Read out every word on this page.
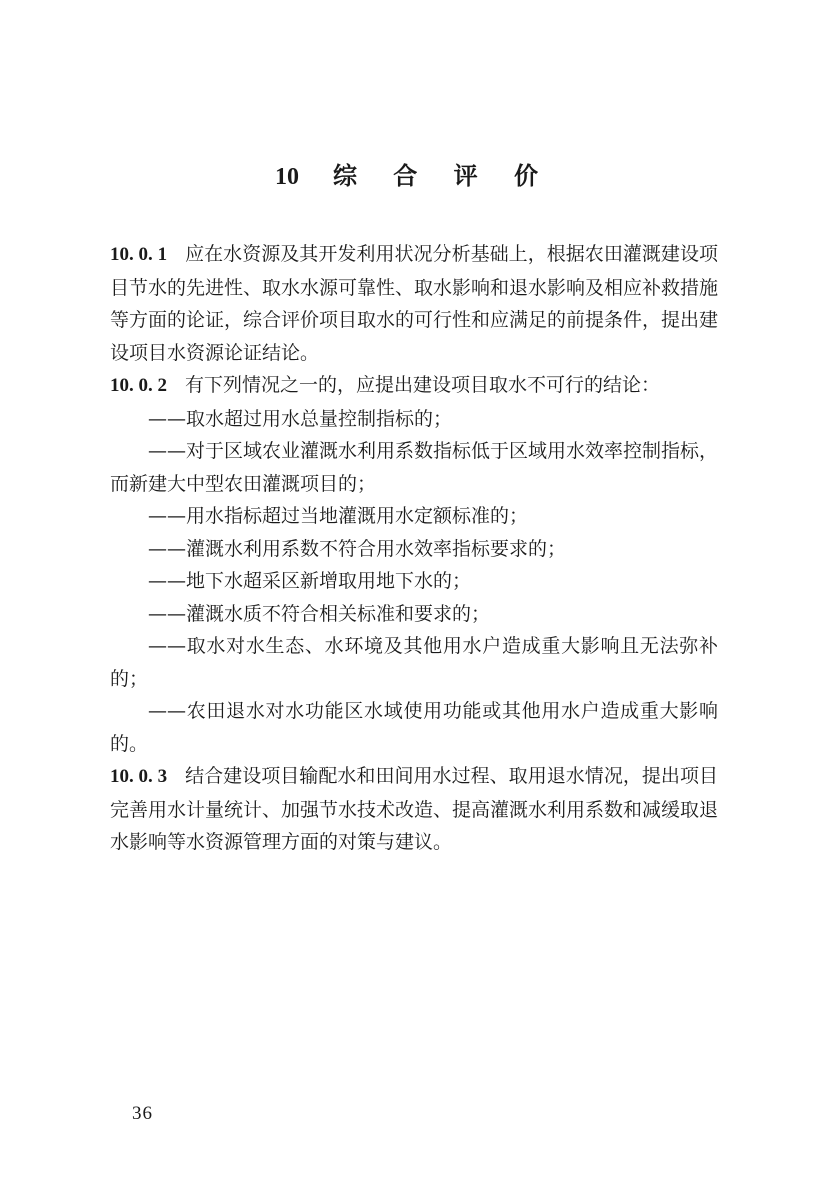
10 综 合 评 价

10. 0. 1 应在水资源及其开发利用状况分析基础上，根据农田灌溉建设项目节水的先进性、取水水源可靠性、取水影响和退水影响及相应补救措施等方面的论证，综合评价项目取水的可行性和应满足的前提条件，提出建设项目水资源论证结论。

10. 0. 2 有下列情况之一的，应提出建设项目取水不可行的结论：

——取水超过用水总量控制指标的；

——对于区域农业灌溉水利用系数指标低于区域用水效率控制指标，而新建大中型农田灌溉项目的；

——用水指标超过当地灌溉用水定额标准的；

——灌溉水利用系数不符合用水效率指标要求的；

——地下水超采区新增取用地下水的；

——灌溉水质不符合相关标准和要求的；

——取水对水生态、水环境及其他用水户造成重大影响且无法弥补的；

——农田退水对水功能区水域使用功能或其他用水户造成重大影响的。

10. 0. 3 结合建设项目输配水和田间用水过程、取用退水情况，提出项目完善用水计量统计、加强节水技术改造、提高灌溉水利用系数和减缓取退水影响等水资源管理方面的对策与建议。

36
